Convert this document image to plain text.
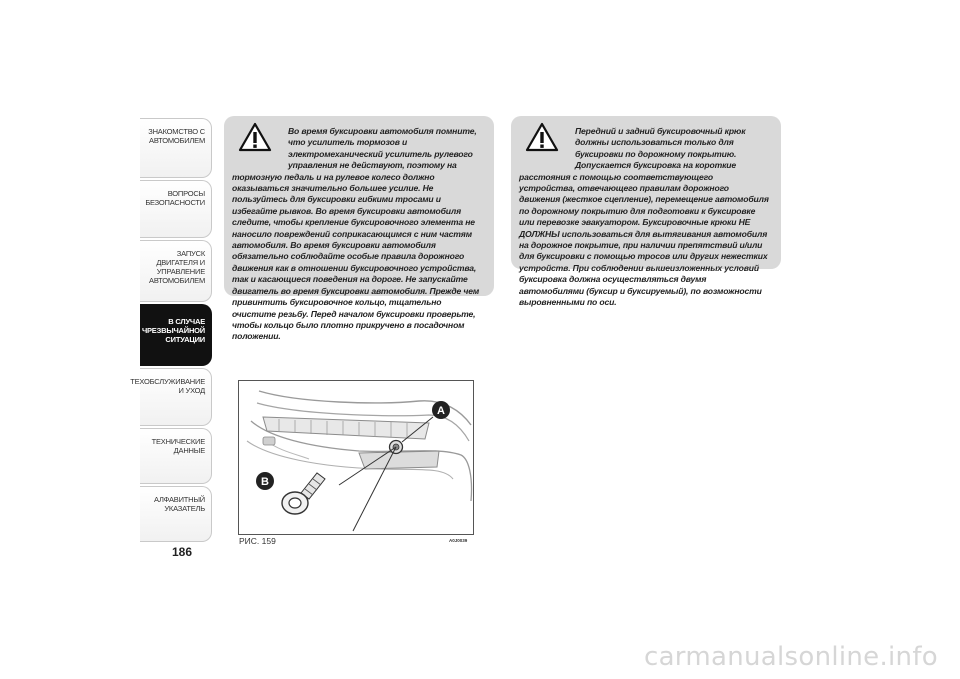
ЗНАКОМСТВО С
АВТОМОБИЛЕМ
ВОПРОСЫ
БЕЗОПАСНОСТИ
ЗАПУСК ДВИГАТЕЛЯ И
УПРАВЛЕНИЕ
АВТОМОБИЛЕМ
В СЛУЧАЕ
ЧРЕЗВЫЧАЙНОЙ
СИТУАЦИИ
ТЕХОБСЛУЖИВАНИЕ
И УХОД
ТЕХНИЧЕСКИЕ
ДАННЫЕ
АЛФАВИТНЫЙ
УКАЗАТЕЛЬ
186

Во время буксировки автомобиля помните, что усилитель тормозов и электромеханический усилитель рулевого управления не действуют, поэтому на тормозную педаль и на рулевое колесо должно оказываться значительно большее усилие. Не пользуйтесь для буксировки гибкими тросами и избегайте рывков. Во время буксировки автомобиля следите, чтобы крепление буксировочного элемента не наносило повреждений соприкасающимся с ним частям автомобиля. Во время буксировки автомобиля обязательно соблюдайте особые правила дорожного движения как в отношении буксировочного устройства, так и касающиеся поведения на дороге. Не запускайте двигатель во время буксировки автомобиля. Прежде чем привинтить буксировочное кольцо, тщательно очистите резьбу. Перед началом буксировки проверьте, чтобы кольцо было плотно прикручено в посадочном положении.

Передний и задний буксировочный крюк должны использоваться только для буксировки по дорожному покрытию. Допускается буксировка на короткие расстояния с помощью соответствующего устройства, отвечающего правилам дорожного движения (жесткое сцепление), перемещение автомобиля по дорожному покрытию для подготовки к буксировке или перевозке эвакуатором. Буксировочные крюки НЕ ДОЛЖНЫ использоваться для вытягивания автомобиля на дорожное покрытие, при наличии препятствий и/или для буксировки с помощью тросов или других нежестких устройств. При соблюдении вышеизложенных условий буксировка должна осуществляться двумя автомобилями (буксир и буксируемый), по возможности выровненными по оси.

A
B
РИС. 159	A0J0039
carmanualsonline.info
